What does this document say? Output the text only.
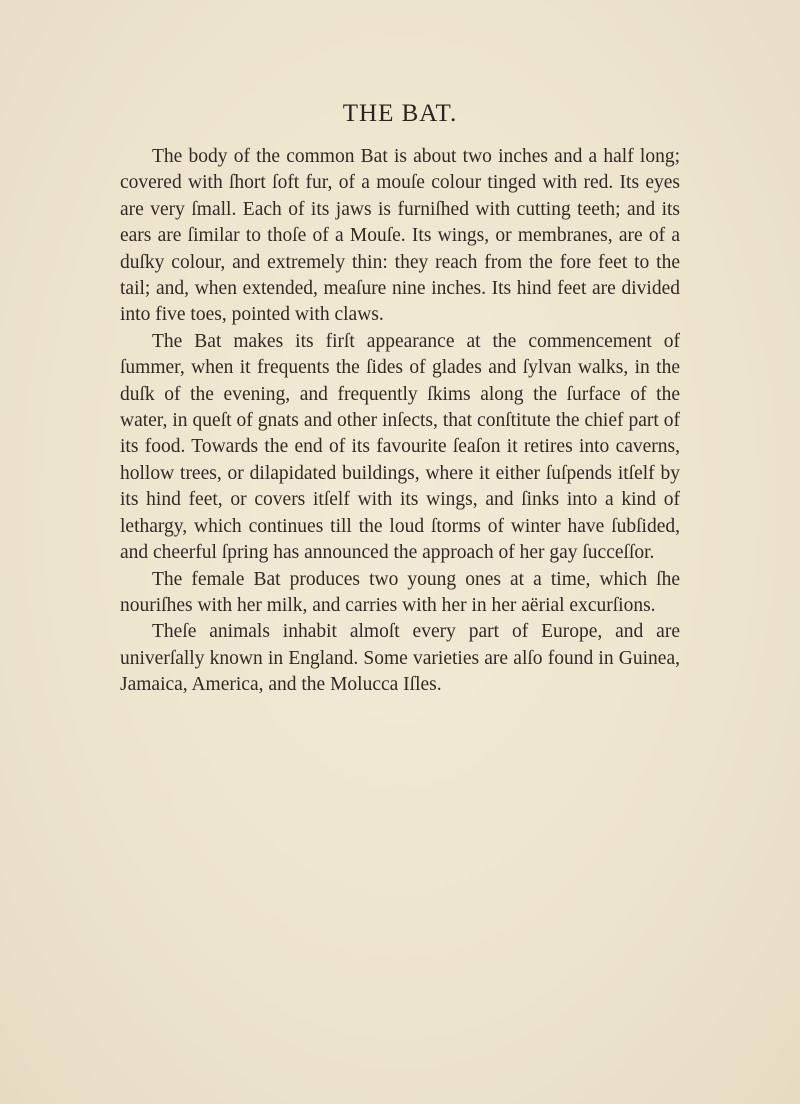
THE BAT.

The body of the common Bat is about two inches and a half long; covered with ſhort ſoft fur, of a mouſe colour tinged with red. Its eyes are very ſmall. Each of its jaws is furniſhed with cutting teeth; and its ears are ſimilar to thoſe of a Mouſe. Its wings, or membranes, are of a duſky colour, and extremely thin: they reach from the fore feet to the tail; and, when extended, meaſure nine inches. Its hind feet are divided into five toes, pointed with claws.

The Bat makes its firſt appearance at the commencement of ſummer, when it frequents the ſides of glades and ſylvan walks, in the duſk of the evening, and frequently ſkims along the ſurface of the water, in queſt of gnats and other inſects, that conſtitute the chief part of its food. Towards the end of its favourite ſeaſon it retires into caverns, hollow trees, or dilapidated buildings, where it either ſuſpends itſelf by its hind feet, or covers itſelf with its wings, and ſinks into a kind of lethargy, which continues till the loud ſtorms of winter have ſubſided, and cheerful ſpring has announced the approach of her gay ſucceſſor.

The female Bat produces two young ones at a time, which ſhe nouriſhes with her milk, and carries with her in her aërial excurſions.

Theſe animals inhabit almoſt every part of Europe, and are univerſally known in England. Some varieties are alſo found in Guinea, Jamaica, America, and the Molucca Iſles.
